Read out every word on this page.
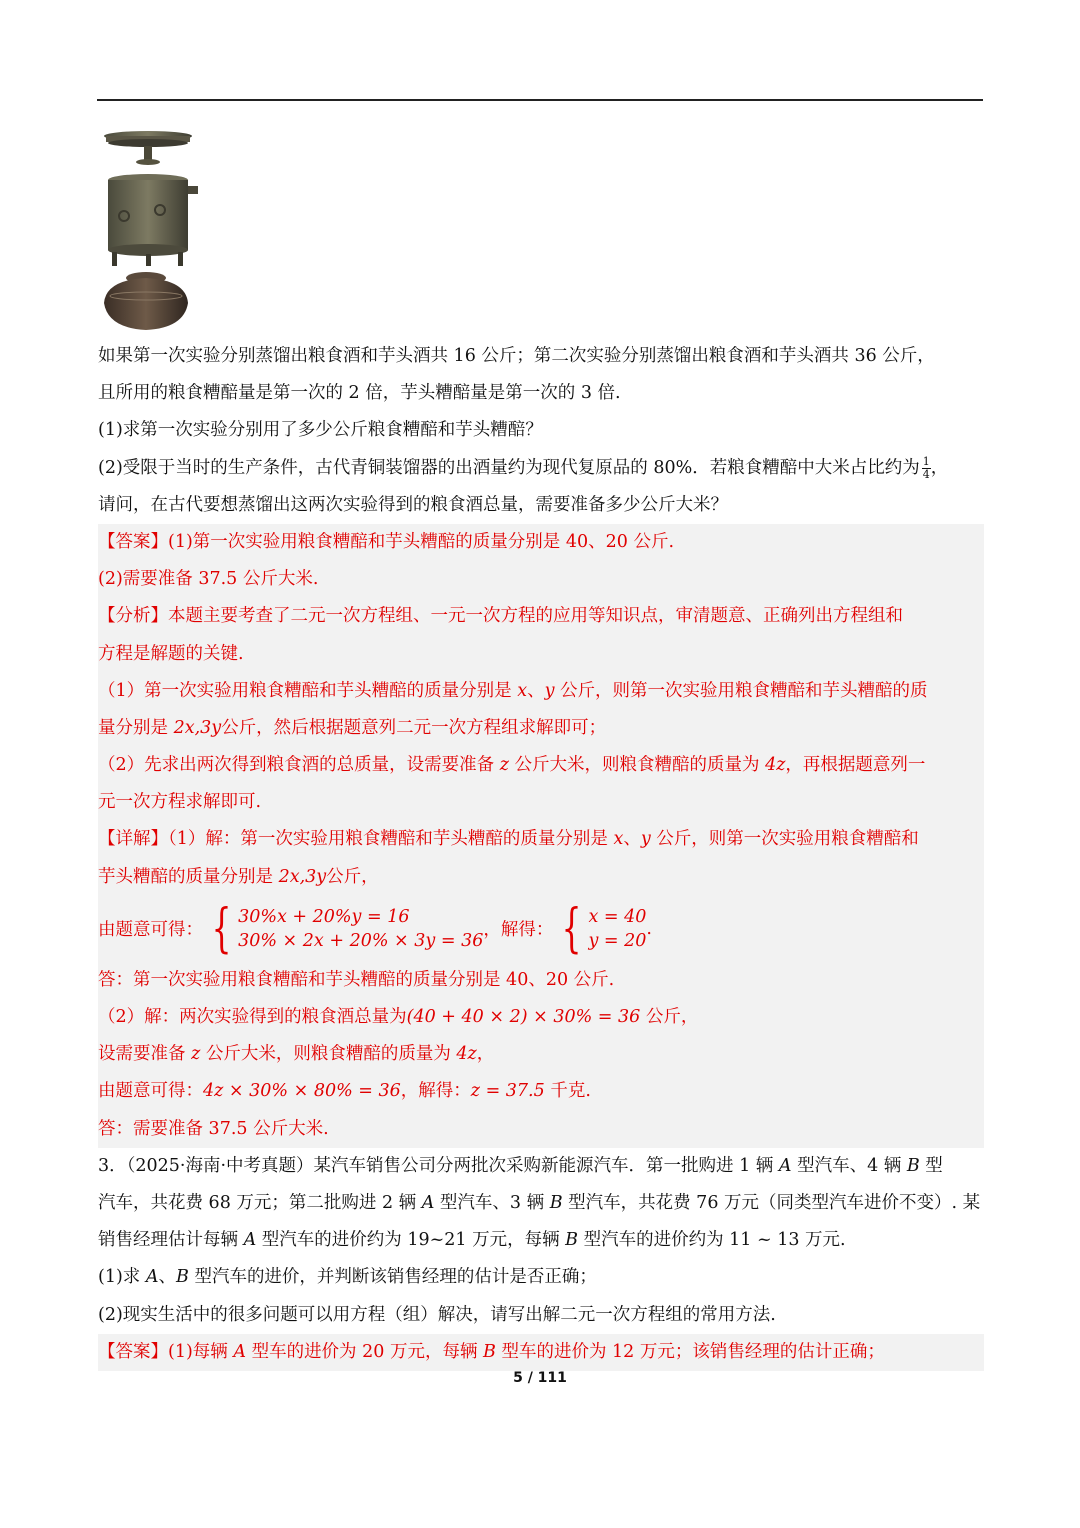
如果第一次实验分别蒸馏出粮食酒和芋头酒共 16 公斤；第二次实验分别蒸馏出粮食酒和芋头酒共 36 公斤，
且所用的粮食糟醅量是第一次的 2 倍，芋头糟醅量是第一次的 3 倍.
(1)求第一次实验分别用了多少公斤粮食糟醅和芋头糟醅？
(2)受限于当时的生产条件，古代青铜装馏器的出酒量约为现代复原品的 80%．若粮食糟醅中大米占比约为 $\frac{1}{4}$ ，
请问，在古代要想蒸馏出这两次实验得到的粮食酒总量，需要准备多少公斤大米？
【答案】(1)第一次实验用粮食糟醅和芋头糟醅的质量分别是 40、20 公斤.
(2)需要准备 37.5 公斤大米.
【分析】本题主要考查了二元一次方程组、一元一次方程的应用等知识点，审清题意、正确列出方程组和
方程是解题的关键.
（1）第一次实验用粮食糟醅和芋头糟醅的质量分别是 x、y 公斤，则第一次实验用粮食糟醅和芋头糟醅的质
量分别是 2x,3y公斤，然后根据题意列二元一次方程组求解即可；
（2）先求出两次得到粮食酒的总质量，设需要准备 z 公斤大米，则粮食糟醅的质量为 4z，再根据题意列一
元一次方程求解即可.
【详解】（1）解：第一次实验用粮食糟醅和芋头糟醅的质量分别是 x、y 公斤，则第一次实验用粮食糟醅和
芋头糟醅的质量分别是 2x,3y公斤，
由题意可得： { 30%x + 20%y = 16
30% × 2x + 20% × 3y = 36
，解得： { x = 40
y = 20
.
答：第一次实验用粮食糟醅和芋头糟醅的质量分别是 40、20 公斤.
（2）解：两次实验得到的粮食酒总量为(40 + 40 × 2) × 30% = 36 公斤，
设需要准备 z 公斤大米，则粮食糟醅的质量为 4z，
由题意可得：4z × 30% × 80% = 36，解得：z = 37.5 千克.
答：需要准备 37.5 公斤大米.
3．（2025·海南·中考真题）某汽车销售公司分两批次采购新能源汽车．第一批购进 1 辆 A 型汽车、4 辆 B 型
汽车，共花费 68 万元；第二批购进 2 辆 A 型汽车、3 辆 B 型汽车，共花费 76 万元（同类型汽车进价不变）. 某
销售经理估计每辆 A 型汽车的进价约为 19~21 万元，每辆 B 型汽车的进价约为 11 ~ 13 万元.
(1)求 A、B 型汽车的进价，并判断该销售经理的估计是否正确；
(2)现实生活中的很多问题可以用方程（组）解决，请写出解二元一次方程组的常用方法.
【答案】(1)每辆 A 型车的进价为 20 万元，每辆 B 型车的进价为 12 万元；该销售经理的估计正确；
5 / 111
